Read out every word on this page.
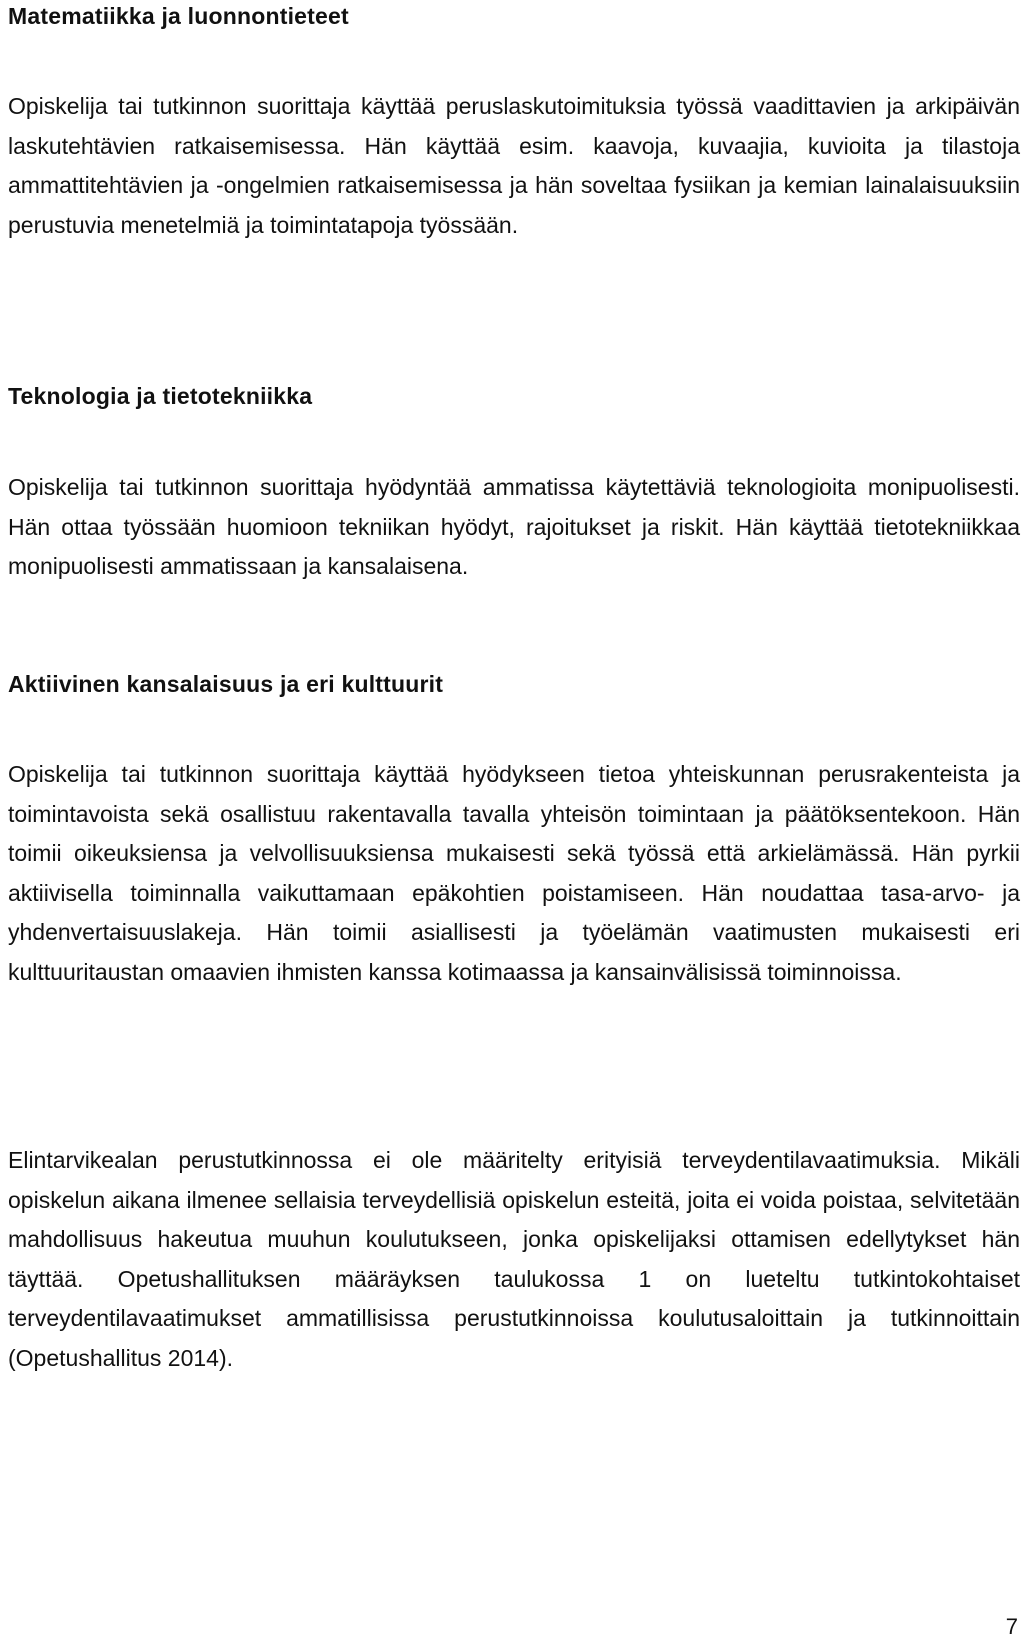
Matematiikka ja luonnontieteet

Opiskelija tai tutkinnon suorittaja käyttää peruslaskutoimituksia työssä vaadittavien ja arkipäivän laskutehtävien ratkaisemisessa. Hän käyttää esim. kaavoja, kuvaajia, kuvioita ja tilastoja ammattitehtävien ja -ongelmien ratkaisemisessa ja hän soveltaa fysiikan ja kemian lainalaisuuksiin perustuvia menetelmiä ja toimintatapoja työssään.

Teknologia ja tietotekniikka

Opiskelija tai tutkinnon suorittaja hyödyntää ammatissa käytettäviä teknologioita monipuolisesti. Hän ottaa työssään huomioon tekniikan hyödyt, rajoitukset ja riskit. Hän käyttää tietotekniikkaa monipuolisesti ammatissaan ja kansalaisena.

Aktiivinen kansalaisuus ja eri kulttuurit

Opiskelija tai tutkinnon suorittaja käyttää hyödykseen tietoa yhteiskunnan perusrakenteista ja toimintavoista sekä osallistuu rakentavalla tavalla yhteisön toimintaan ja päätöksentekoon. Hän toimii oikeuksiensa ja velvollisuuksiensa mukaisesti sekä työssä että arkielämässä. Hän pyrkii aktiivisella toiminnalla vaikuttamaan epäkohtien poistamiseen. Hän noudattaa tasa-arvo- ja yhdenvertaisuuslakeja. Hän toimii asiallisesti ja työelämän vaatimusten mukaisesti eri kulttuuritaustan omaavien ihmisten kanssa kotimaassa ja kansainvälisissä toiminnoissa.

Elintarvikealan perustutkinnossa ei ole määritelty erityisiä terveydentilavaatimuksia. Mikäli opiskelun aikana ilmenee sellaisia terveydellisiä opiskelun esteitä, joita ei voida poistaa, selvitetään mahdollisuus hakeutua muuhun koulutukseen, jonka opiskelijaksi ottamisen edellytykset hän täyttää. Opetushallituksen määräyksen taulukossa 1 on lueteltu tutkintokohtaiset terveydentilavaatimukset ammatillisissa perustutkinnoissa koulutusaloittain ja tutkinnoittain (Opetushallitus 2014).

7
